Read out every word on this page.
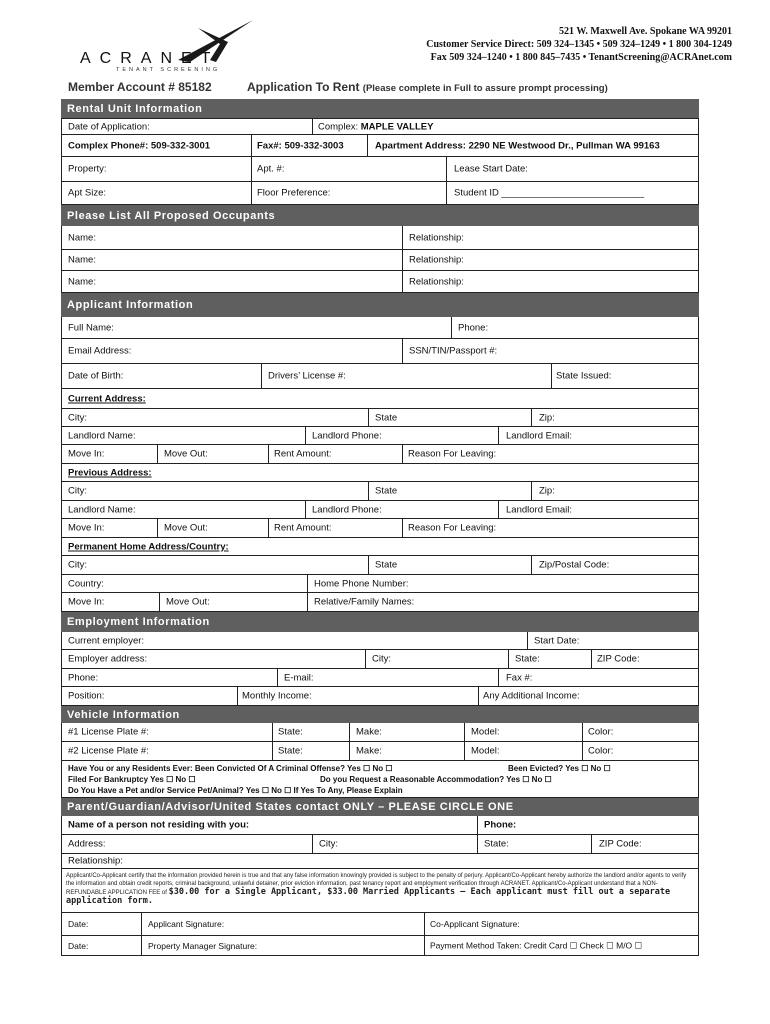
ACRANET
TENANT SCREENING
521 W. Maxwell Ave. Spokane WA 99201
Customer Service Direct: 509 324–1345 • 509 324–1249 • 1 800 304-1249
Fax 509 324–1240 • 1 800 845–7435 • TenantScreening@ACRAnet.com
Member Account # 85182	Application To Rent (Please complete in Full to assure prompt processing)
Rental Unit Information
Date of Application:	Complex: MAPLE VALLEY
Complex Phone#: 509-332-3001	Fax#: 509-332-3003	Apartment Address: 2290 NE Westwood Dr., Pullman WA 99163
Property:	Apt. #:	Lease Start Date:
Apt Size:	Floor Preference:	Student ID ___________________________
Please List All Proposed Occupants
Name:	Relationship:
Name:	Relationship:
Name:	Relationship:
Applicant Information
Full Name:	Phone:
Email Address:	SSN/TIN/Passport #:
Date of Birth:	Drivers’ License #:	State Issued:
Current Address:
City:	State	Zip:
Landlord Name:	Landlord Phone:	Landlord Email:
Move In:	Move Out:	Rent Amount:	Reason For Leaving:
Previous Address:
City:	State	Zip:
Landlord Name:	Landlord Phone:	Landlord Email:
Move In:	Move Out:	Rent Amount:	Reason For Leaving:
Permanent Home Address/Country:
City:	State	Zip/Postal Code:
Country:	Home Phone Number:
Move In:	Move Out:	Relative/Family Names:
Employment Information
Current employer:	Start Date:
Employer address:	City:	State:	ZIP Code:
Phone:	E-mail:	Fax #:
Position:	Monthly Income:	Any Additional Income:
Vehicle Information
#1 License Plate #:	State:	Make:	Model:	Color:
#2 License Plate #:	State:	Make:	Model:	Color:
Have You or any Residents Ever: Been Convicted Of A Criminal Offense? Yes ☐ No ☐	Been Evicted? Yes ☐ No ☐
Filed For Bankruptcy Yes ☐ No ☐	Do you Request a Reasonable Accommodation? Yes ☐ No ☐
Do You Have a Pet and/or Service Pet/Animal? Yes ☐ No ☐ If Yes To Any, Please Explain
Parent/Guardian/Advisor/United States contact ONLY – PLEASE CIRCLE ONE
Name of a person not residing with you:	Phone:
Address:	City:	State:	ZIP Code:
Relationship:
Applicant/Co-Applicant certify that the information provided herein is true and that any false information knowingly provided is subject to the penalty of perjury. Applicant/Co-Applicant hereby authorize the landlord and/or agents to verify the information and obtain credit reports, criminal background, unlawful detainer, prior eviction information, past tenancy report and employment verification through ACRANET. Applicant/Co-Applicant understand that a NON-REFUNDABLE APPLICATION FEE of $30.00 for a Single Applicant, $33.00 Married Applicants – Each applicant must fill out a separate application form.
Date:	Applicant Signature:	Co-Applicant Signature:
Date:	Property Manager Signature:	Payment Method Taken: Credit Card ☐ Check ☐ M/O ☐
